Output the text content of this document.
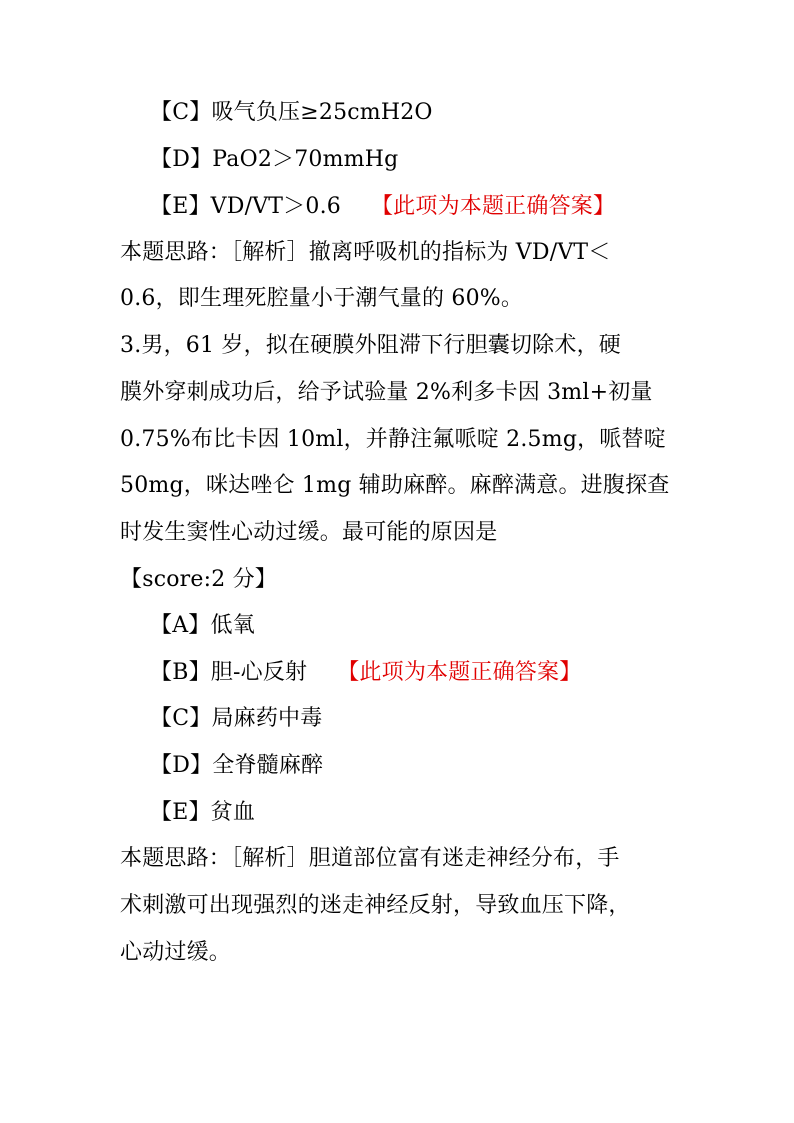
【C】吸气负压≥25cmH2O
【D】PaO2＞70mmHg
【E】VD/VT＞0.6 【此项为本题正确答案】
本题思路：［解析］撤离呼吸机的指标为 VD/VT＜
0.6，即生理死腔量小于潮气量的 60%。
3.男，61 岁，拟在硬膜外阻滞下行胆囊切除术，硬
膜外穿刺成功后，给予试验量 2%利多卡因 3ml+初量
0.75%布比卡因 10ml，并静注氟哌啶 2.5mg，哌替啶
50mg，咪达唑仑 1mg 辅助麻醉。麻醉满意。进腹探查
时发生窦性心动过缓。最可能的原因是
【score:2 分】
【A】低氧
【B】胆-心反射 【此项为本题正确答案】
【C】局麻药中毒
【D】全脊髓麻醉
【E】贫血
本题思路：［解析］胆道部位富有迷走神经分布，手
术刺激可出现强烈的迷走神经反射，导致血压下降，
心动过缓。
